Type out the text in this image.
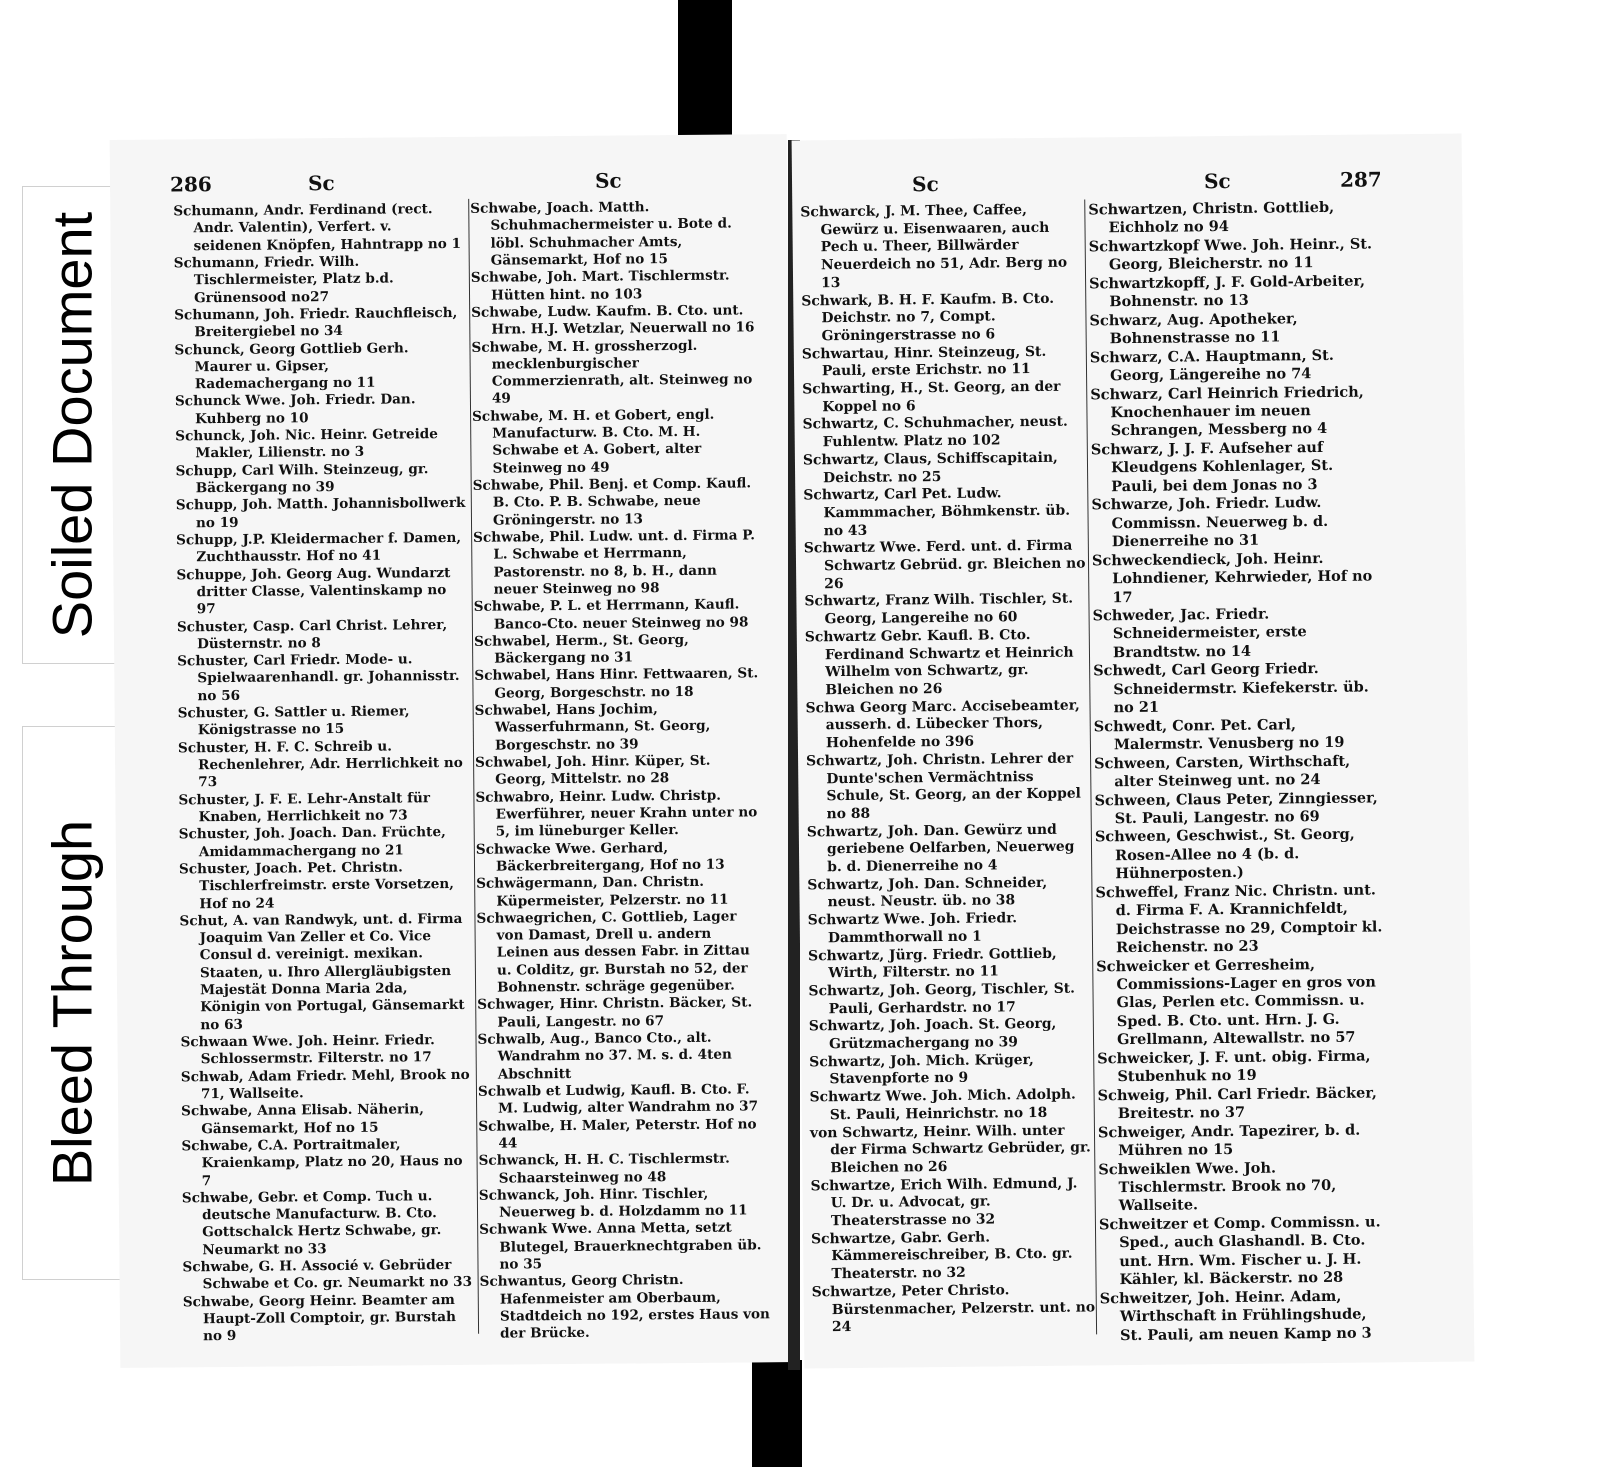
Soiled Document
Bleed Through
286	Sc	Sc

Schumann, Andr. Ferdinand (rect. Andr. Valentin), Verfert. v. seidenen Knöpfen, Hahntrapp no 1

Schumann, Friedr. Wilh. Tischlermeister, Platz b.d. Grünensood no27

Schumann, Joh. Friedr. Rauchfleisch, Breitergiebel no 34

Schunck, Georg Gottlieb Gerh. Maurer u. Gipser, Rademachergang no 11

Schunck Wwe. Joh. Friedr. Dan. Kuhberg no 10

Schunck, Joh. Nic. Heinr. Getreide Makler, Lilienstr. no 3

Schupp, Carl Wilh. Steinzeug, gr. Bäckergang no 39

Schupp, Joh. Matth. Johannisbollwerk no 19

Schupp, J.P. Kleidermacher f. Damen, Zuchthausstr. Hof no 41

Schuppe, Joh. Georg Aug. Wundarzt dritter Classe, Valentinskamp no 97

Schuster, Casp. Carl Christ. Lehrer, Düsternstr. no 8

Schuster, Carl Friedr. Mode- u. Spielwaarenhandl. gr. Johannisstr. no 56

Schuster, G. Sattler u. Riemer, Königstrasse no 15

Schuster, H. F. C. Schreib u. Rechenlehrer, Adr. Herrlichkeit no 73

Schuster, J. F. E. Lehr-Anstalt für Knaben, Herrlichkeit no 73

Schuster, Joh. Joach. Dan. Früchte, Amidammachergang no 21

Schuster, Joach. Pet. Christn. Tischlerfreimstr. erste Vorsetzen, Hof no 24

Schut, A. van Randwyk, unt. d. Firma Joaquim Van Zeller et Co. Vice Consul d. vereinigt. mexikan. Staaten, u. Ihro Allergläubigsten Majestät Donna Maria 2da, Königin von Portugal, Gänsemarkt no 63

Schwaan Wwe. Joh. Heinr. Friedr. Schlossermstr. Filterstr. no 17

Schwab, Adam Friedr. Mehl, Brook no 71, Wallseite.

Schwabe, Anna Elisab. Näherin, Gänsemarkt, Hof no 15

Schwabe, C.A. Portraitmaler, Kraienkamp, Platz no 20, Haus no 7

Schwabe, Gebr. et Comp. Tuch u. deutsche Manufacturw. B. Cto. Gottschalck Hertz Schwabe, gr. Neumarkt no 33

Schwabe, G. H. Associé v. Gebrüder Schwabe et Co. gr. Neumarkt no 33

Schwabe, Georg Heinr. Beamter am Haupt-Zoll Comptoir, gr. Burstah no 9

Schwabe, Joach. Matth. Schuhmachermeister u. Bote d. löbl. Schuhmacher Amts, Gänsemarkt, Hof no 15

Schwabe, Joh. Mart. Tischlermstr. Hütten hint. no 103

Schwabe, Ludw. Kaufm. B. Cto. unt. Hrn. H.J. Wetzlar, Neuerwall no 16

Schwabe, M. H. grossherzogl. mecklenburgischer Commerzienrath, alt. Steinweg no 49

Schwabe, M. H. et Gobert, engl. Manufacturw. B. Cto. M. H. Schwabe et A. Gobert, alter Steinweg no 49

Schwabe, Phil. Benj. et Comp. Kaufl. B. Cto. P. B. Schwabe, neue Gröningerstr. no 13

Schwabe, Phil. Ludw. unt. d. Firma P. L. Schwabe et Herrmann, Pastorenstr. no 8, b. H., dann neuer Steinweg no 98

Schwabe, P. L. et Herrmann, Kaufl. Banco-Cto. neuer Steinweg no 98

Schwabel, Herm., St. Georg, Bäckergang no 31

Schwabel, Hans Hinr. Fettwaaren, St. Georg, Borgeschstr. no 18

Schwabel, Hans Jochim, Wasserfuhrmann, St. Georg, Borgeschstr. no 39

Schwabel, Joh. Hinr. Küper, St. Georg, Mittelstr. no 28

Schwabro, Heinr. Ludw. Christp. Ewerführer, neuer Krahn unter no 5, im lüneburger Keller.

Schwacke Wwe. Gerhard, Bäckerbreitergang, Hof no 13

Schwägermann, Dan. Christn. Küpermeister, Pelzerstr. no 11

Schwaegrichen, C. Gottlieb, Lager von Damast, Drell u. andern Leinen aus dessen Fabr. in Zittau u. Colditz, gr. Burstah no 52, der Bohnenstr. schräge gegenüber.

Schwager, Hinr. Christn. Bäcker, St. Pauli, Langestr. no 67

Schwalb, Aug., Banco Cto., alt. Wandrahm no 37. M. s. d. 4ten Abschnitt

Schwalb et Ludwig, Kaufl. B. Cto. F. M. Ludwig, alter Wandrahm no 37

Schwalbe, H. Maler, Peterstr. Hof no 44

Schwanck, H. H. C. Tischlermstr. Schaarsteinweg no 48

Schwanck, Joh. Hinr. Tischler, Neuerweg b. d. Holzdamm no 11

Schwank Wwe. Anna Metta, setzt Blutegel, Brauerknechtgraben üb. no 35

Schwantus, Georg Christn. Hafenmeister am Oberbaum, Stadtdeich no 192, erstes Haus von der Brücke.

Sc	Sc	287

Schwarck, J. M. Thee, Caffee, Gewürz u. Eisenwaaren, auch Pech u. Theer, Billwärder Neuerdeich no 51, Adr. Berg no 13

Schwark, B. H. F. Kaufm. B. Cto. Deichstr. no 7, Compt. Gröningerstrasse no 6

Schwartau, Hinr. Steinzeug, St. Pauli, erste Erichstr. no 11

Schwarting, H., St. Georg, an der Koppel no 6

Schwartz, C. Schuhmacher, neust. Fuhlentw. Platz no 102

Schwartz, Claus, Schiffscapitain, Deichstr. no 25

Schwartz, Carl Pet. Ludw. Kammmacher, Böhmkenstr. üb. no 43

Schwartz Wwe. Ferd. unt. d. Firma Schwartz Gebrüd. gr. Bleichen no 26

Schwartz, Franz Wilh. Tischler, St. Georg, Langereihe no 60

Schwartz Gebr. Kaufl. B. Cto. Ferdinand Schwartz et Heinrich Wilhelm von Schwartz, gr. Bleichen no 26

Schwa Georg Marc. Accisebeamter, ausserh. d. Lübecker Thors, Hohenfelde no 396

Schwartz, Joh. Christn. Lehrer der Dunte'schen Vermächtniss Schule, St. Georg, an der Koppel no 88

Schwartz, Joh. Dan. Gewürz und geriebene Oelfarben, Neuerweg b. d. Dienerreihe no 4

Schwartz, Joh. Dan. Schneider, neust. Neustr. üb. no 38

Schwartz Wwe. Joh. Friedr. Dammthorwall no 1

Schwartz, Jürg. Friedr. Gottlieb, Wirth, Filterstr. no 11

Schwartz, Joh. Georg, Tischler, St. Pauli, Gerhardstr. no 17

Schwartz, Joh. Joach. St. Georg, Grützmachergang no 39

Schwartz, Joh. Mich. Krüger, Stavenpforte no 9

Schwartz Wwe. Joh. Mich. Adolph. St. Pauli, Heinrichstr. no 18

von Schwartz, Heinr. Wilh. unter der Firma Schwartz Gebrüder, gr. Bleichen no 26

Schwartze, Erich Wilh. Edmund, J. U. Dr. u. Advocat, gr. Theaterstrasse no 32

Schwartze, Gabr. Gerh. Kämmereischreiber, B. Cto. gr. Theaterstr. no 32

Schwartze, Peter Christo. Bürstenmacher, Pelzerstr. unt. no 24

Schwartzen, Christn. Gottlieb, Eichholz no 94

Schwartzkopf Wwe. Joh. Heinr., St. Georg, Bleicherstr. no 11

Schwartzkopff, J. F. Gold-Arbeiter, Bohnenstr. no 13

Schwarz, Aug. Apotheker, Bohnenstrasse no 11

Schwarz, C.A. Hauptmann, St. Georg, Längereihe no 74

Schwarz, Carl Heinrich Friedrich, Knochenhauer im neuen Schrangen, Messberg no 4

Schwarz, J. J. F. Aufseher auf Kleudgens Kohlenlager, St. Pauli, bei dem Jonas no 3

Schwarze, Joh. Friedr. Ludw. Commissn. Neuerweg b. d. Dienerreihe no 31

Schweckendieck, Joh. Heinr. Lohndiener, Kehrwieder, Hof no 17

Schweder, Jac. Friedr. Schneidermeister, erste Brandtstw. no 14

Schwedt, Carl Georg Friedr. Schneidermstr. Kiefekerstr. üb. no 21

Schwedt, Conr. Pet. Carl, Malermstr. Venusberg no 19

Schween, Carsten, Wirthschaft, alter Steinweg unt. no 24

Schween, Claus Peter, Zinngiesser, St. Pauli, Langestr. no 69

Schween, Geschwist., St. Georg, Rosen-Allee no 4 (b. d. Hühnerposten.)

Schweffel, Franz Nic. Christn. unt. d. Firma F. A. Krannichfeldt, Deichstrasse no 29, Comptoir kl. Reichenstr. no 23

Schweicker et Gerresheim, Commissions-Lager en gros von Glas, Perlen etc. Commissn. u. Sped. B. Cto. unt. Hrn. J. G. Grellmann, Altewallstr. no 57

Schweicker, J. F. unt. obig. Firma, Stubenhuk no 19

Schweig, Phil. Carl Friedr. Bäcker, Breitestr. no 37

Schweiger, Andr. Tapezirer, b. d. Mühren no 15

Schweiklen Wwe. Joh. Tischlermstr. Brook no 70, Wallseite.

Schweitzer et Comp. Commissn. u. Sped., auch Glashandl. B. Cto. unt. Hrn. Wm. Fischer u. J. H. Kähler, kl. Bäckerstr. no 28

Schweitzer, Joh. Heinr. Adam, Wirthschaft in Frühlingshude, St. Pauli, am neuen Kamp no 3
